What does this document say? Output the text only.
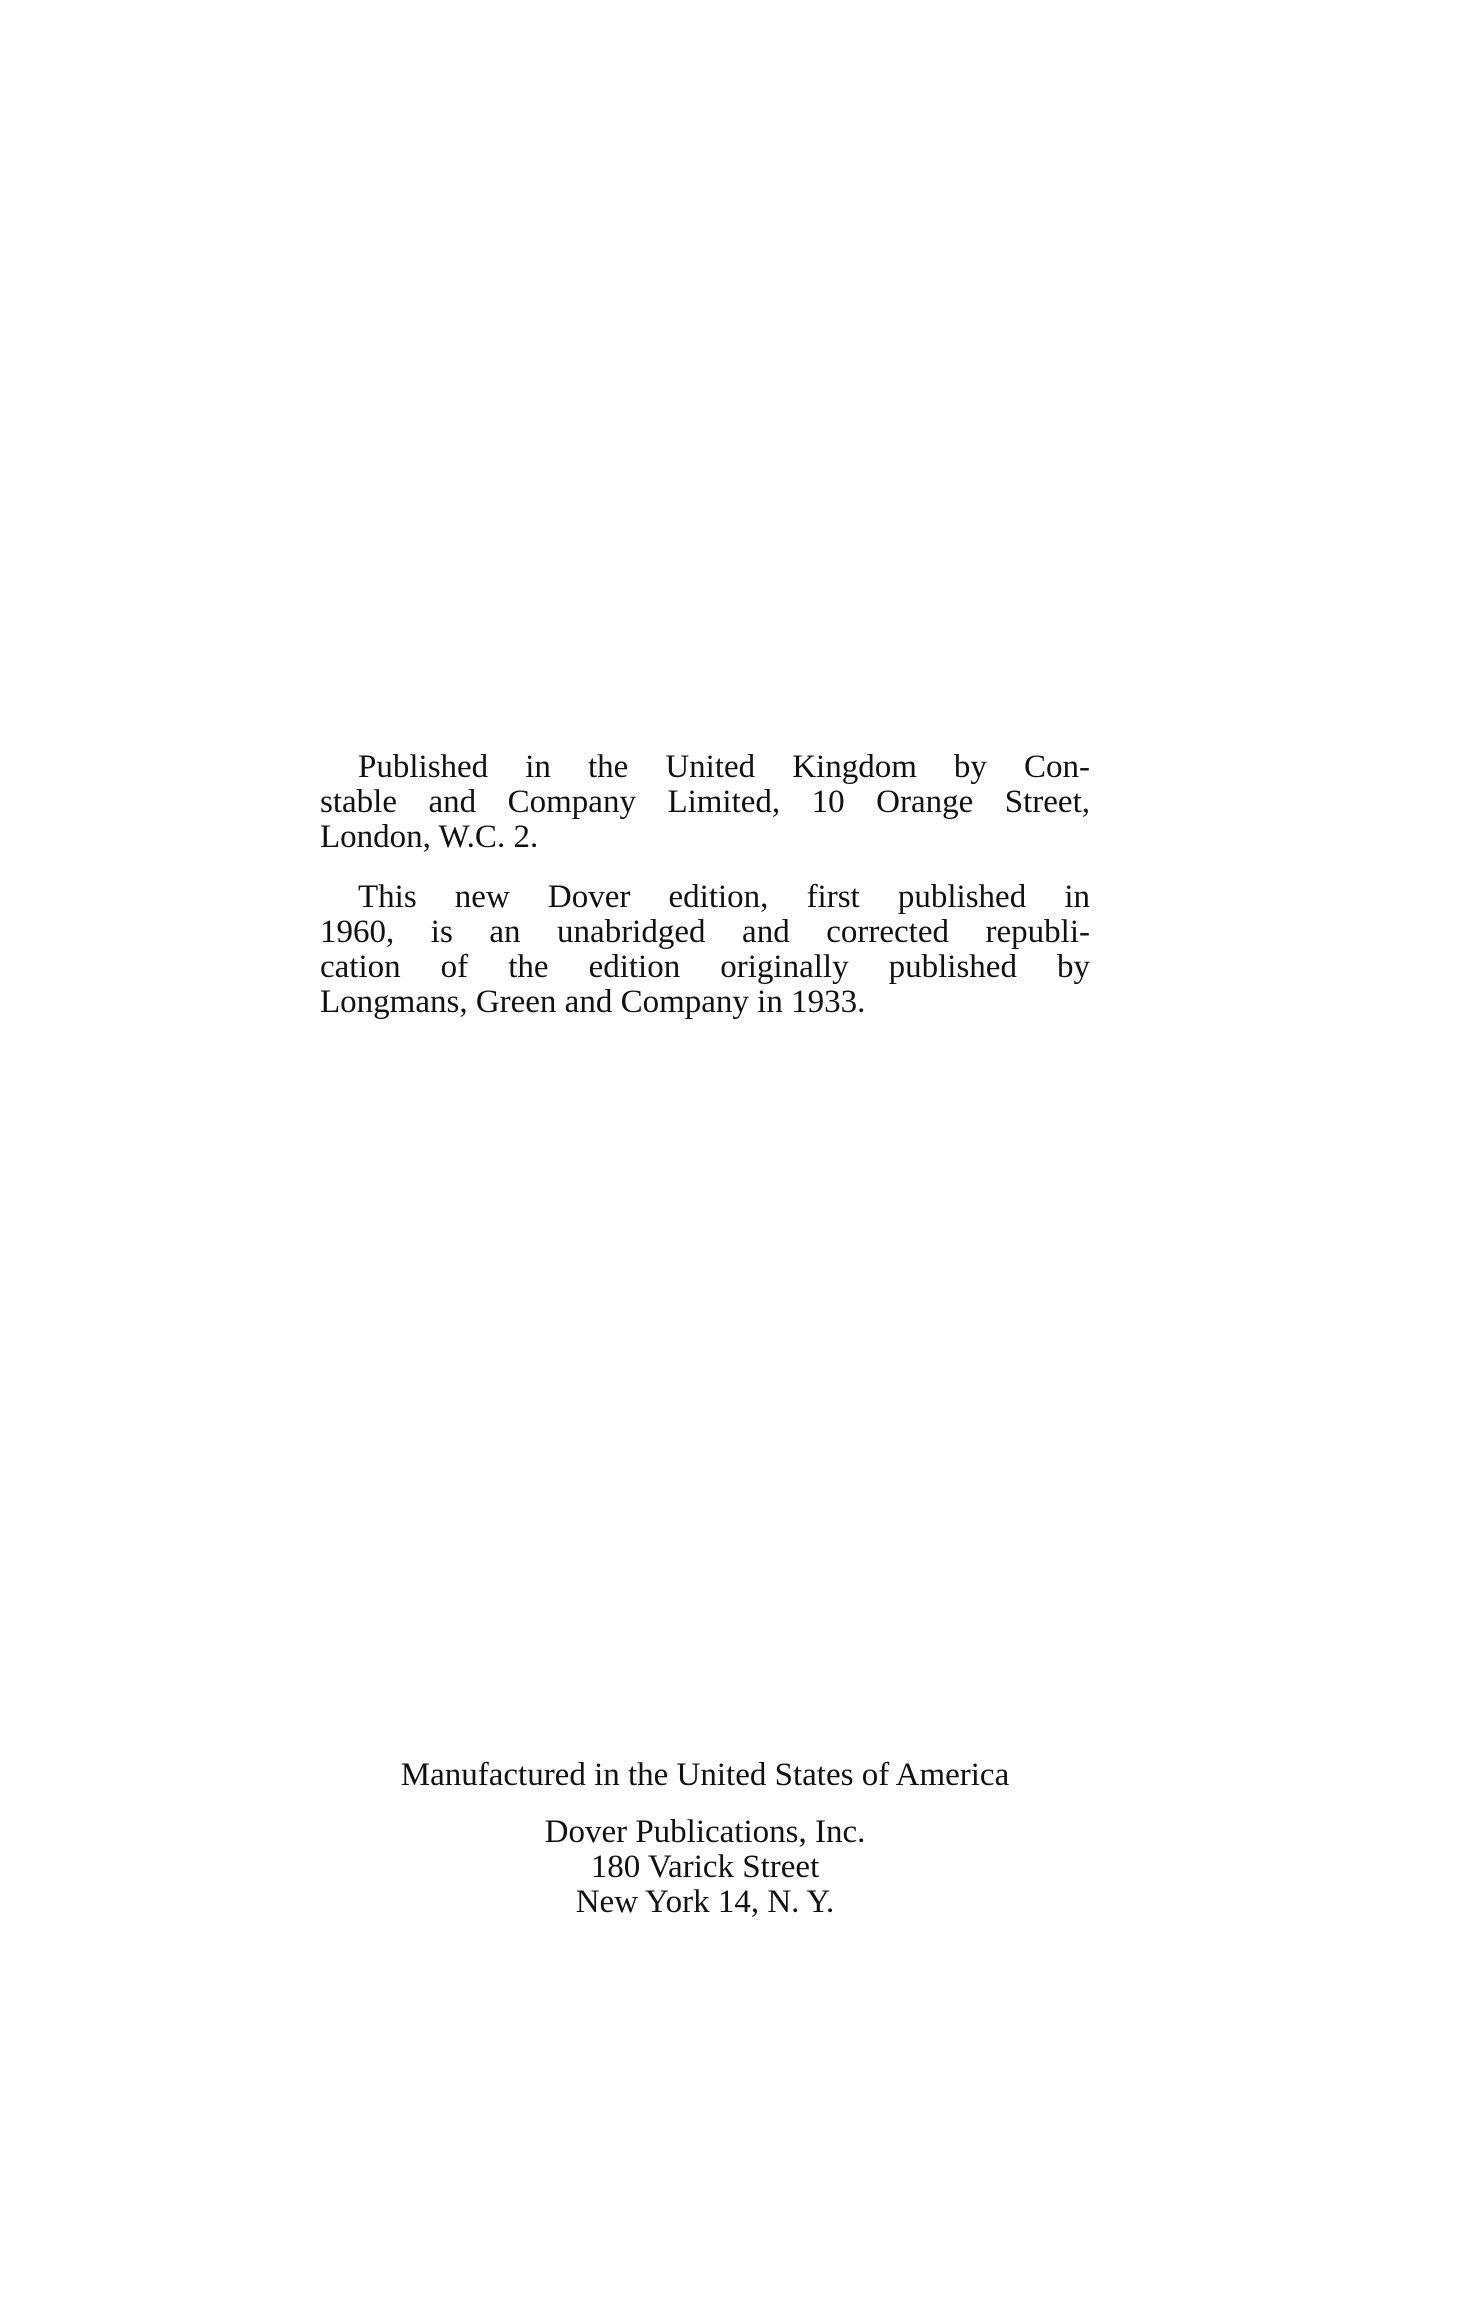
Published in the United Kingdom by Con-
stable and Company Limited, 10 Orange Street,
London, W.C. 2.
This new Dover edition, first published in
1960, is an unabridged and corrected republi-
cation of the edition originally published by
Longmans, Green and Company in 1933.
Manufactured in the United States of America
Dover Publications, Inc.
180 Varick Street
New York 14, N. Y.
